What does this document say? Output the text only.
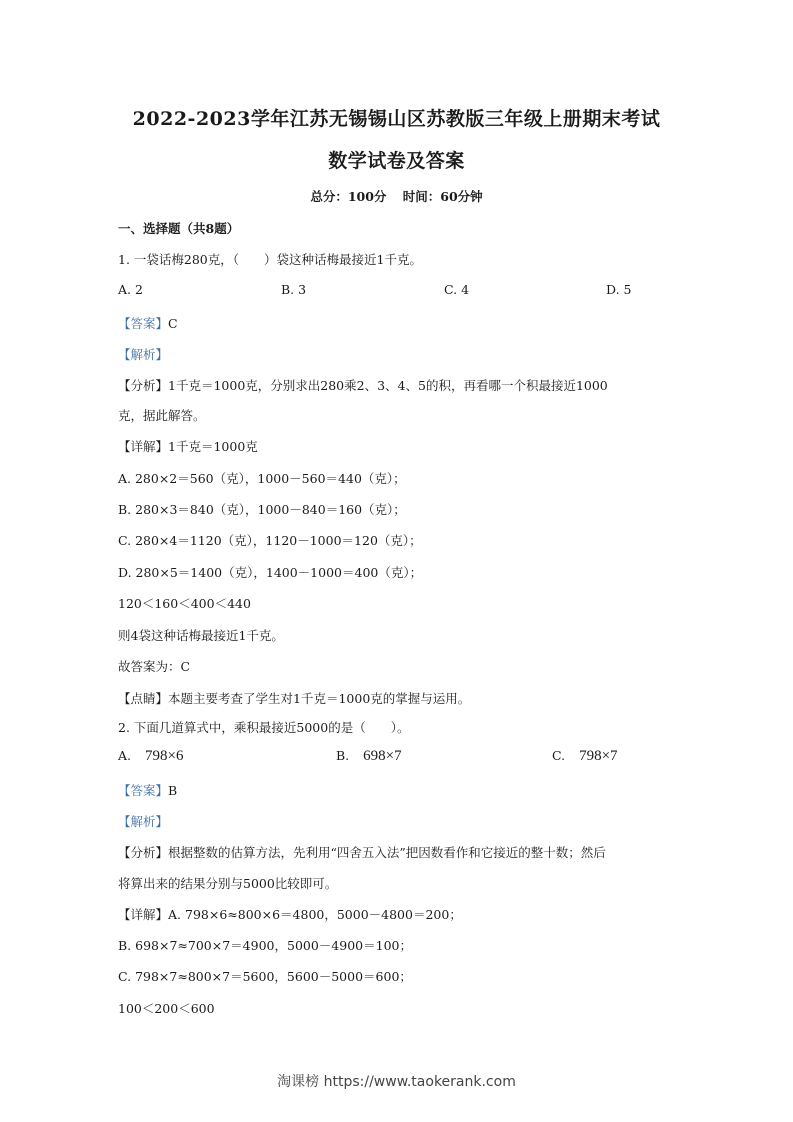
2022-2023学年江苏无锡锡山区苏教版三年级上册期末考试
数学试卷及答案
总分：100分 时间：60分钟
一、选择题（共8题）
1. 一袋话梅280克，（　　）袋这种话梅最接近1千克。
A. 2	B. 3	C. 4	D. 5
【答案】C
【解析】
【分析】1千克＝1000克，分别求出280乘2、3、4、5的积，再看哪一个积最接近1000
克，据此解答。
【详解】1千克＝1000克
A. 280×2＝560（克），1000－560＝440（克）；
B. 280×3＝840（克），1000－840＝160（克）；
C. 280×4＝1120（克），1120－1000＝120（克）；
D. 280×5＝1400（克），1400－1000＝400（克）；
120＜160＜400＜440
则4袋这种话梅最接近1千克。
故答案为：C
【点睛】本题主要考查了学生对1千克＝1000克的掌握与运用。
2. 下面几道算式中，乘积最接近5000的是（　　）。
A. 798×6	B. 698×7	C. 798×7
【答案】B
【解析】
【分析】根据整数的估算方法，先利用“四舍五入法”把因数看作和它接近的整十数；然后
将算出来的结果分别与5000比较即可。
【详解】A. 798×6≈800×6＝4800，5000－4800＝200；
B. 698×7≈700×7＝4900，5000－4900＝100；
C. 798×7≈800×7＝5600，5600－5000＝600；
100＜200＜600
淘课榜 https://www.taokerank.com
